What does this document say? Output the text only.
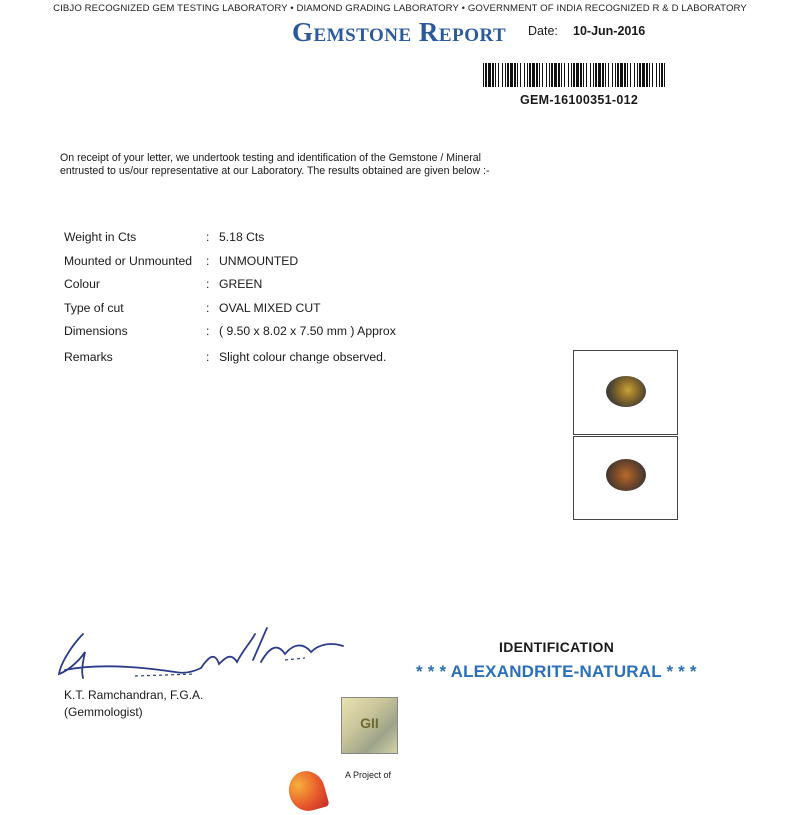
CIBJO RECOGNIZED GEM TESTING LABORATORY • DIAMOND GRADING LABORATORY • GOVERNMENT OF INDIA RECOGNIZED R & D LABORATORY
Gemstone Report Date: 10-Jun-2016
GEM-16100351-012
On receipt of your letter, we undertook testing and identification of the Gemstone / Mineral
entrusted to us/our representative at our Laboratory. The results obtained are given below :-
Weight in Cts	: 5.18 Cts
Mounted or Unmounted : UNMOUNTED
Colour	: GREEN
Type of cut	: OVAL MIXED CUT
Dimensions	: ( 9.50 x 8.02 x 7.50 mm ) Approx
Remarks	: Slight colour change observed.
K.T. Ramchandran, F.G.A.
(Gemmologist)
IDENTIFICATION
* * * ALEXANDRITE-NATURAL * * *
GII
A Project of
